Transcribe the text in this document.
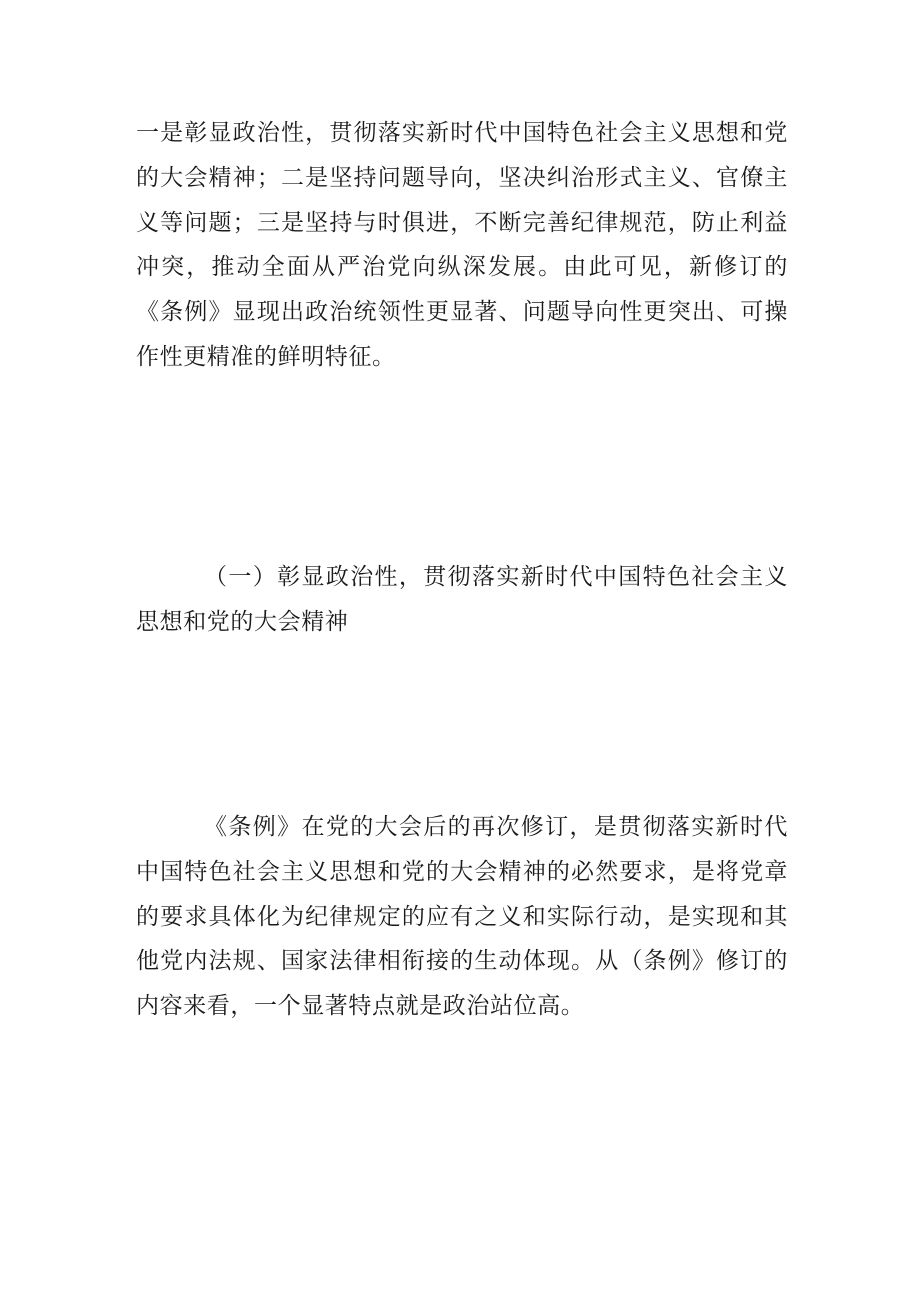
一是彰显政治性，贯彻落实新时代中国特色社会主义思想和党的大会精神；二是坚持问题导向，坚决纠治形式主义、官僚主义等问题；三是坚持与时俱进，不断完善纪律规范，防止利益冲突，推动全面从严治党向纵深发展。由此可见，新修订的《条例》显现出政治统领性更显著、问题导向性更突出、可操作性更精准的鲜明特征。

（一）彰显政治性，贯彻落实新时代中国特色社会主义思想和党的大会精神

《条例》在党的大会后的再次修订，是贯彻落实新时代中国特色社会主义思想和党的大会精神的必然要求，是将党章的要求具体化为纪律规定的应有之义和实际行动，是实现和其他党内法规、国家法律相衔接的生动体现。从（条例》修订的内容来看，一个显著特点就是政治站位高。
